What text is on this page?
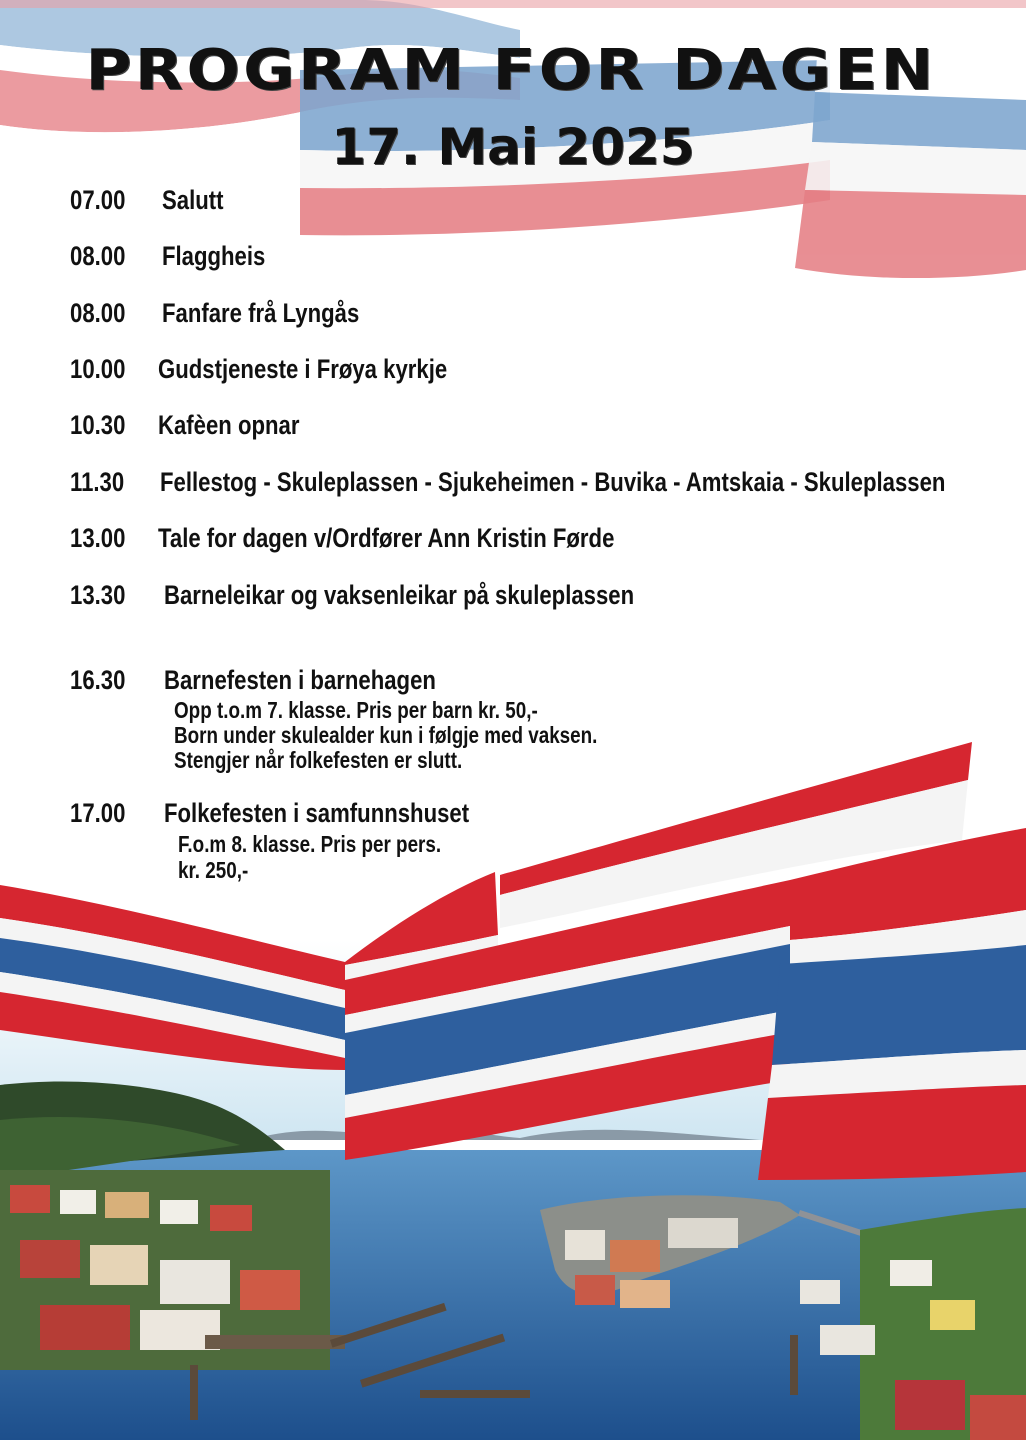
PROGRAM FOR DAGEN
17. Mai 2025
07.00 Salutt
08.00 Flaggheis
08.00 Fanfare frå Lyngås
10.00 Gudstjeneste i Frøya kyrkje
10.30 Kafèen opnar
11.30 Fellestog - Skuleplassen - Sjukeheimen - Buvika - Amtskaia - Skuleplassen
13.00 Tale for dagen v/Ordfører Ann Kristin Førde
13.30 Barneleikar og vaksenleikar på skuleplassen
16.30 Barnefesten i barnehagen
Opp t.o.m 7. klasse. Pris per barn kr. 50,-
Born under skulealder kun i følgje med vaksen.
Stengjer når folkefesten er slutt.
17.00 Folkefesten i samfunnshuset
F.o.m 8. klasse. Pris per pers.
kr. 250,-
